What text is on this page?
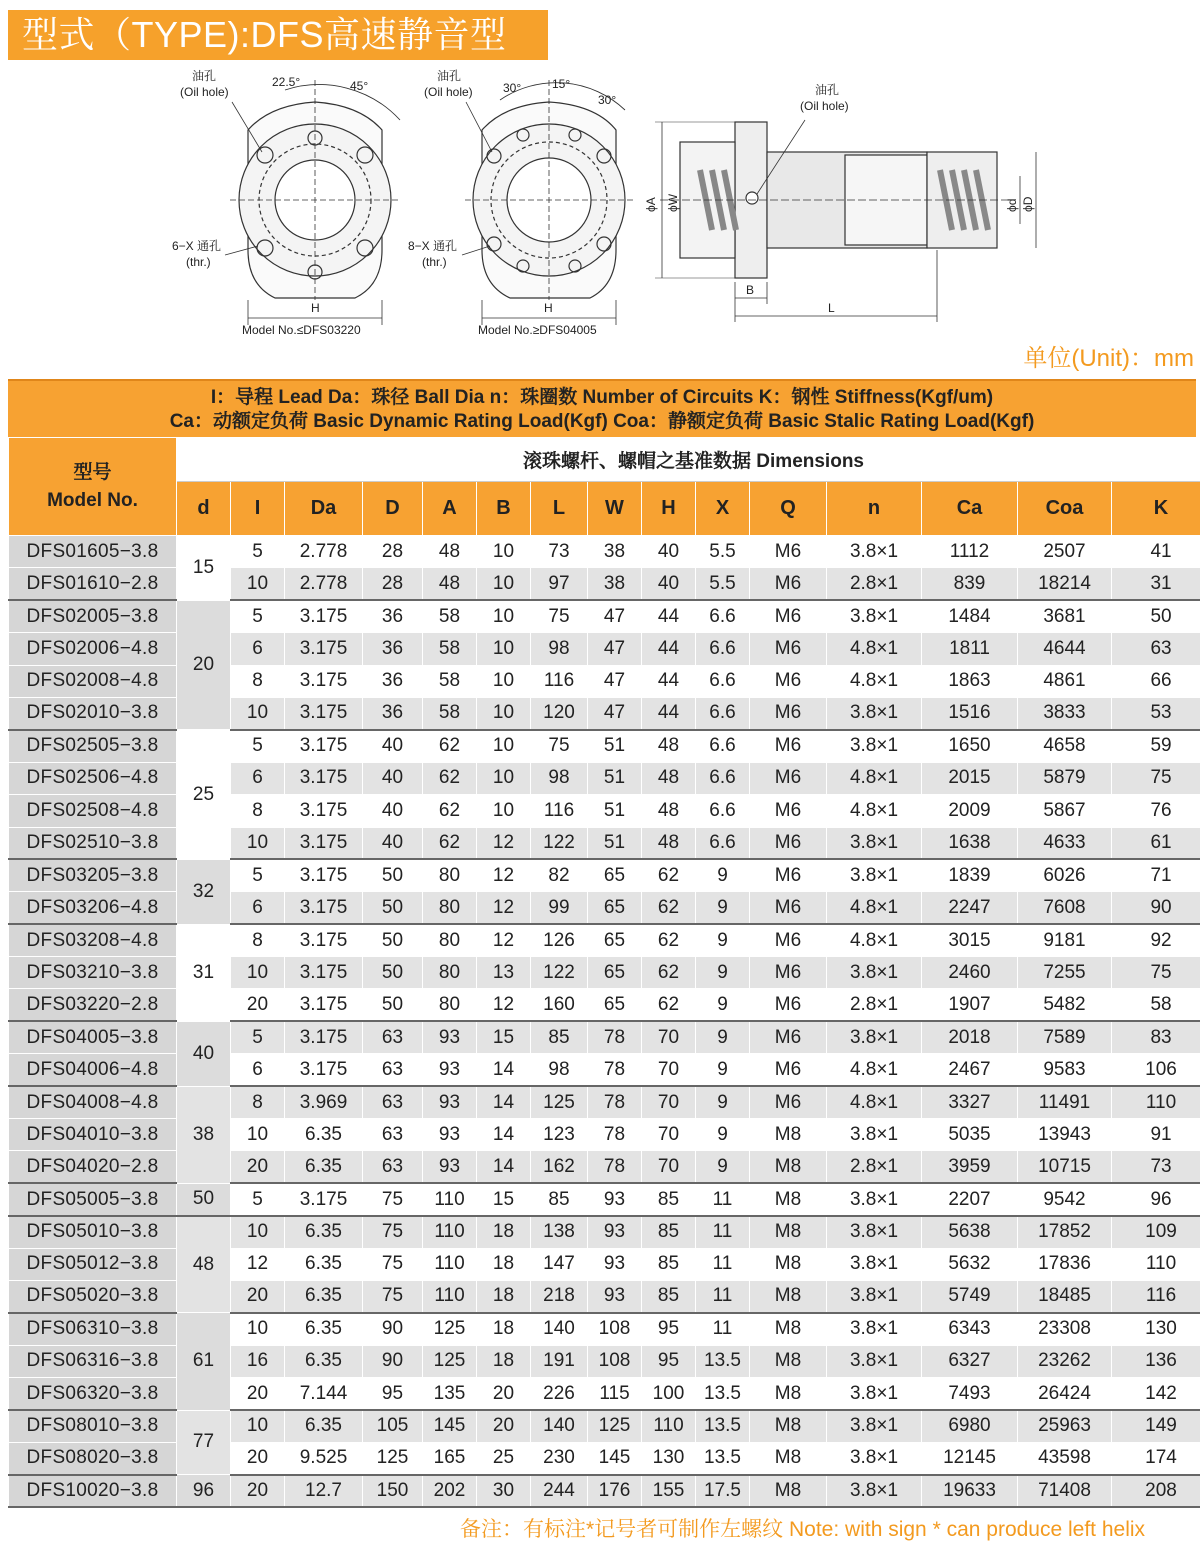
型式（TYPE):DFS高速静音型
油孔
(Oil hole)
22.5°	45°
6−X 通孔
(thr.)
H
Model No.≤DFS03220
油孔
(Oil hole)	30°	15°
30°
8−X 通孔
(thr.)
H
Model No.≥DFS04005
油孔
(Oil hole)
ϕA ϕW	ϕd ϕD
B
L
单位(Unit)：mm
I：导程 Lead Da：珠径 Ball Dia n：珠圈数 Number of Circuits K：钢性 Stiffness(Kgf/um)
Ca：动额定负荷 Basic Dynamic Rating Load(Kgf) Coa：静额定负荷 Basic Stalic Rating Load(Kgf)
型号
Model No.	滚珠螺杆、螺帽之基准数据 Dimensions														
	d	I	Da	D	A	B	L	W	H	X	Q	n	Ca	Coa	K
DFS01605−3.8	15	5	2.778	28	48	10	73	38	40	5.5	M6	3.8×1	1112	2507	41
DFS01610−2.8		10	2.778	28	48	10	97	38	40	5.5	M6	2.8×1	839	18214	31
DFS02005−3.8	20	5	3.175	36	58	10	75	47	44	6.6	M6	3.8×1	1484	3681	50
DFS02006−4.8		6	3.175	36	58	10	98	47	44	6.6	M6	4.8×1	1811	4644	63
DFS02008−4.8		8	3.175	36	58	10	116	47	44	6.6	M6	4.8×1	1863	4861	66
DFS02010−3.8		10	3.175	36	58	10	120	47	44	6.6	M6	3.8×1	1516	3833	53
DFS02505−3.8	25	5	3.175	40	62	10	75	51	48	6.6	M6	3.8×1	1650	4658	59
DFS02506−4.8		6	3.175	40	62	10	98	51	48	6.6	M6	4.8×1	2015	5879	75
DFS02508−4.8		8	3.175	40	62	10	116	51	48	6.6	M6	4.8×1	2009	5867	76
DFS02510−3.8		10	3.175	40	62	12	122	51	48	6.6	M6	3.8×1	1638	4633	61
DFS03205−3.8	32	5	3.175	50	80	12	82	65	62	9	M6	3.8×1	1839	6026	71
DFS03206−4.8		6	3.175	50	80	12	99	65	62	9	M6	4.8×1	2247	7608	90
DFS03208−4.8	31	8	3.175	50	80	12	126	65	62	9	M6	4.8×1	3015	9181	92
DFS03210−3.8		10	3.175	50	80	13	122	65	62	9	M6	3.8×1	2460	7255	75
DFS03220−2.8		20	3.175	50	80	12	160	65	62	9	M6	2.8×1	1907	5482	58
DFS04005−3.8	40	5	3.175	63	93	15	85	78	70	9	M6	3.8×1	2018	7589	83
DFS04006−4.8		6	3.175	63	93	14	98	78	70	9	M6	4.8×1	2467	9583	106
DFS04008−4.8	38	8	3.969	63	93	14	125	78	70	9	M6	4.8×1	3327	11491	110
DFS04010−3.8		10	6.35	63	93	14	123	78	70	9	M8	3.8×1	5035	13943	91
DFS04020−2.8		20	6.35	63	93	14	162	78	70	9	M8	2.8×1	3959	10715	73
DFS05005−3.8	50	5	3.175	75	110	15	85	93	85	11	M8	3.8×1	2207	9542	96
DFS05010−3.8	48	10	6.35	75	110	18	138	93	85	11	M8	3.8×1	5638	17852	109
DFS05012−3.8		12	6.35	75	110	18	147	93	85	11	M8	3.8×1	5632	17836	110
DFS05020−3.8		20	6.35	75	110	18	218	93	85	11	M8	3.8×1	5749	18485	116
DFS06310−3.8	61	10	6.35	90	125	18	140	108	95	11	M8	3.8×1	6343	23308	130
DFS06316−3.8		16	6.35	90	125	18	191	108	95	13.5	M8	3.8×1	6327	23262	136
DFS06320−3.8		20	7.144	95	135	20	226	115	100	13.5	M8	3.8×1	7493	26424	142
DFS08010−3.8	77	10	6.35	105	145	20	140	125	110	13.5	M8	3.8×1	6980	25963	149
DFS08020−3.8		20	9.525	125	165	25	230	145	130	13.5	M8	3.8×1	12145	43598	174
DFS10020−3.8	96	20	12.7	150	202	30	244	176	155	17.5	M8	3.8×1	19633	71408	208
备注：有标注*记号者可制作左螺纹 Note: with sign * can produce left helix
